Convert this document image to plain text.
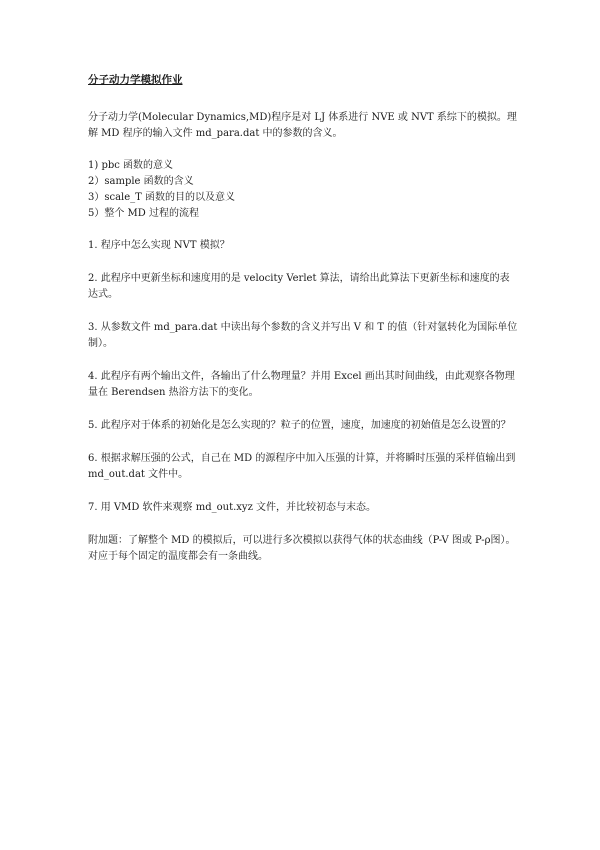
分子动力学模拟作业
分子动力学(Molecular Dynamics,MD)程序是对 LJ 体系进行 NVE 或 NVT 系综下的模拟。理解 MD 程序的输入文件 md_para.dat 中的参数的含义。
1) pbc 函数的意义
2）sample 函数的含义
3）scale_T 函数的目的以及意义
5）整个 MD 过程的流程
1. 程序中怎么实现 NVT 模拟？
2. 此程序中更新坐标和速度用的是 velocity Verlet 算法，请给出此算法下更新坐标和速度的表达式。
3. 从参数文件 md_para.dat 中读出每个参数的含义并写出 V 和 T 的值（针对氩转化为国际单位制）。
4. 此程序有两个输出文件，各输出了什么物理量？并用 Excel 画出其时间曲线，由此观察各物理量在 Berendsen 热浴方法下的变化。
5. 此程序对于体系的初始化是怎么实现的？粒子的位置，速度，加速度的初始值是怎么设置的？
6. 根据求解压强的公式，自己在 MD 的源程序中加入压强的计算，并将瞬时压强的采样值输出到 md_out.dat 文件中。
7. 用 VMD 软件来观察 md_out.xyz 文件，并比较初态与末态。
附加题：了解整个 MD 的模拟后，可以进行多次模拟以获得气体的状态曲线（P-V 图或 P-ρ图）。对应于每个固定的温度都会有一条曲线。
